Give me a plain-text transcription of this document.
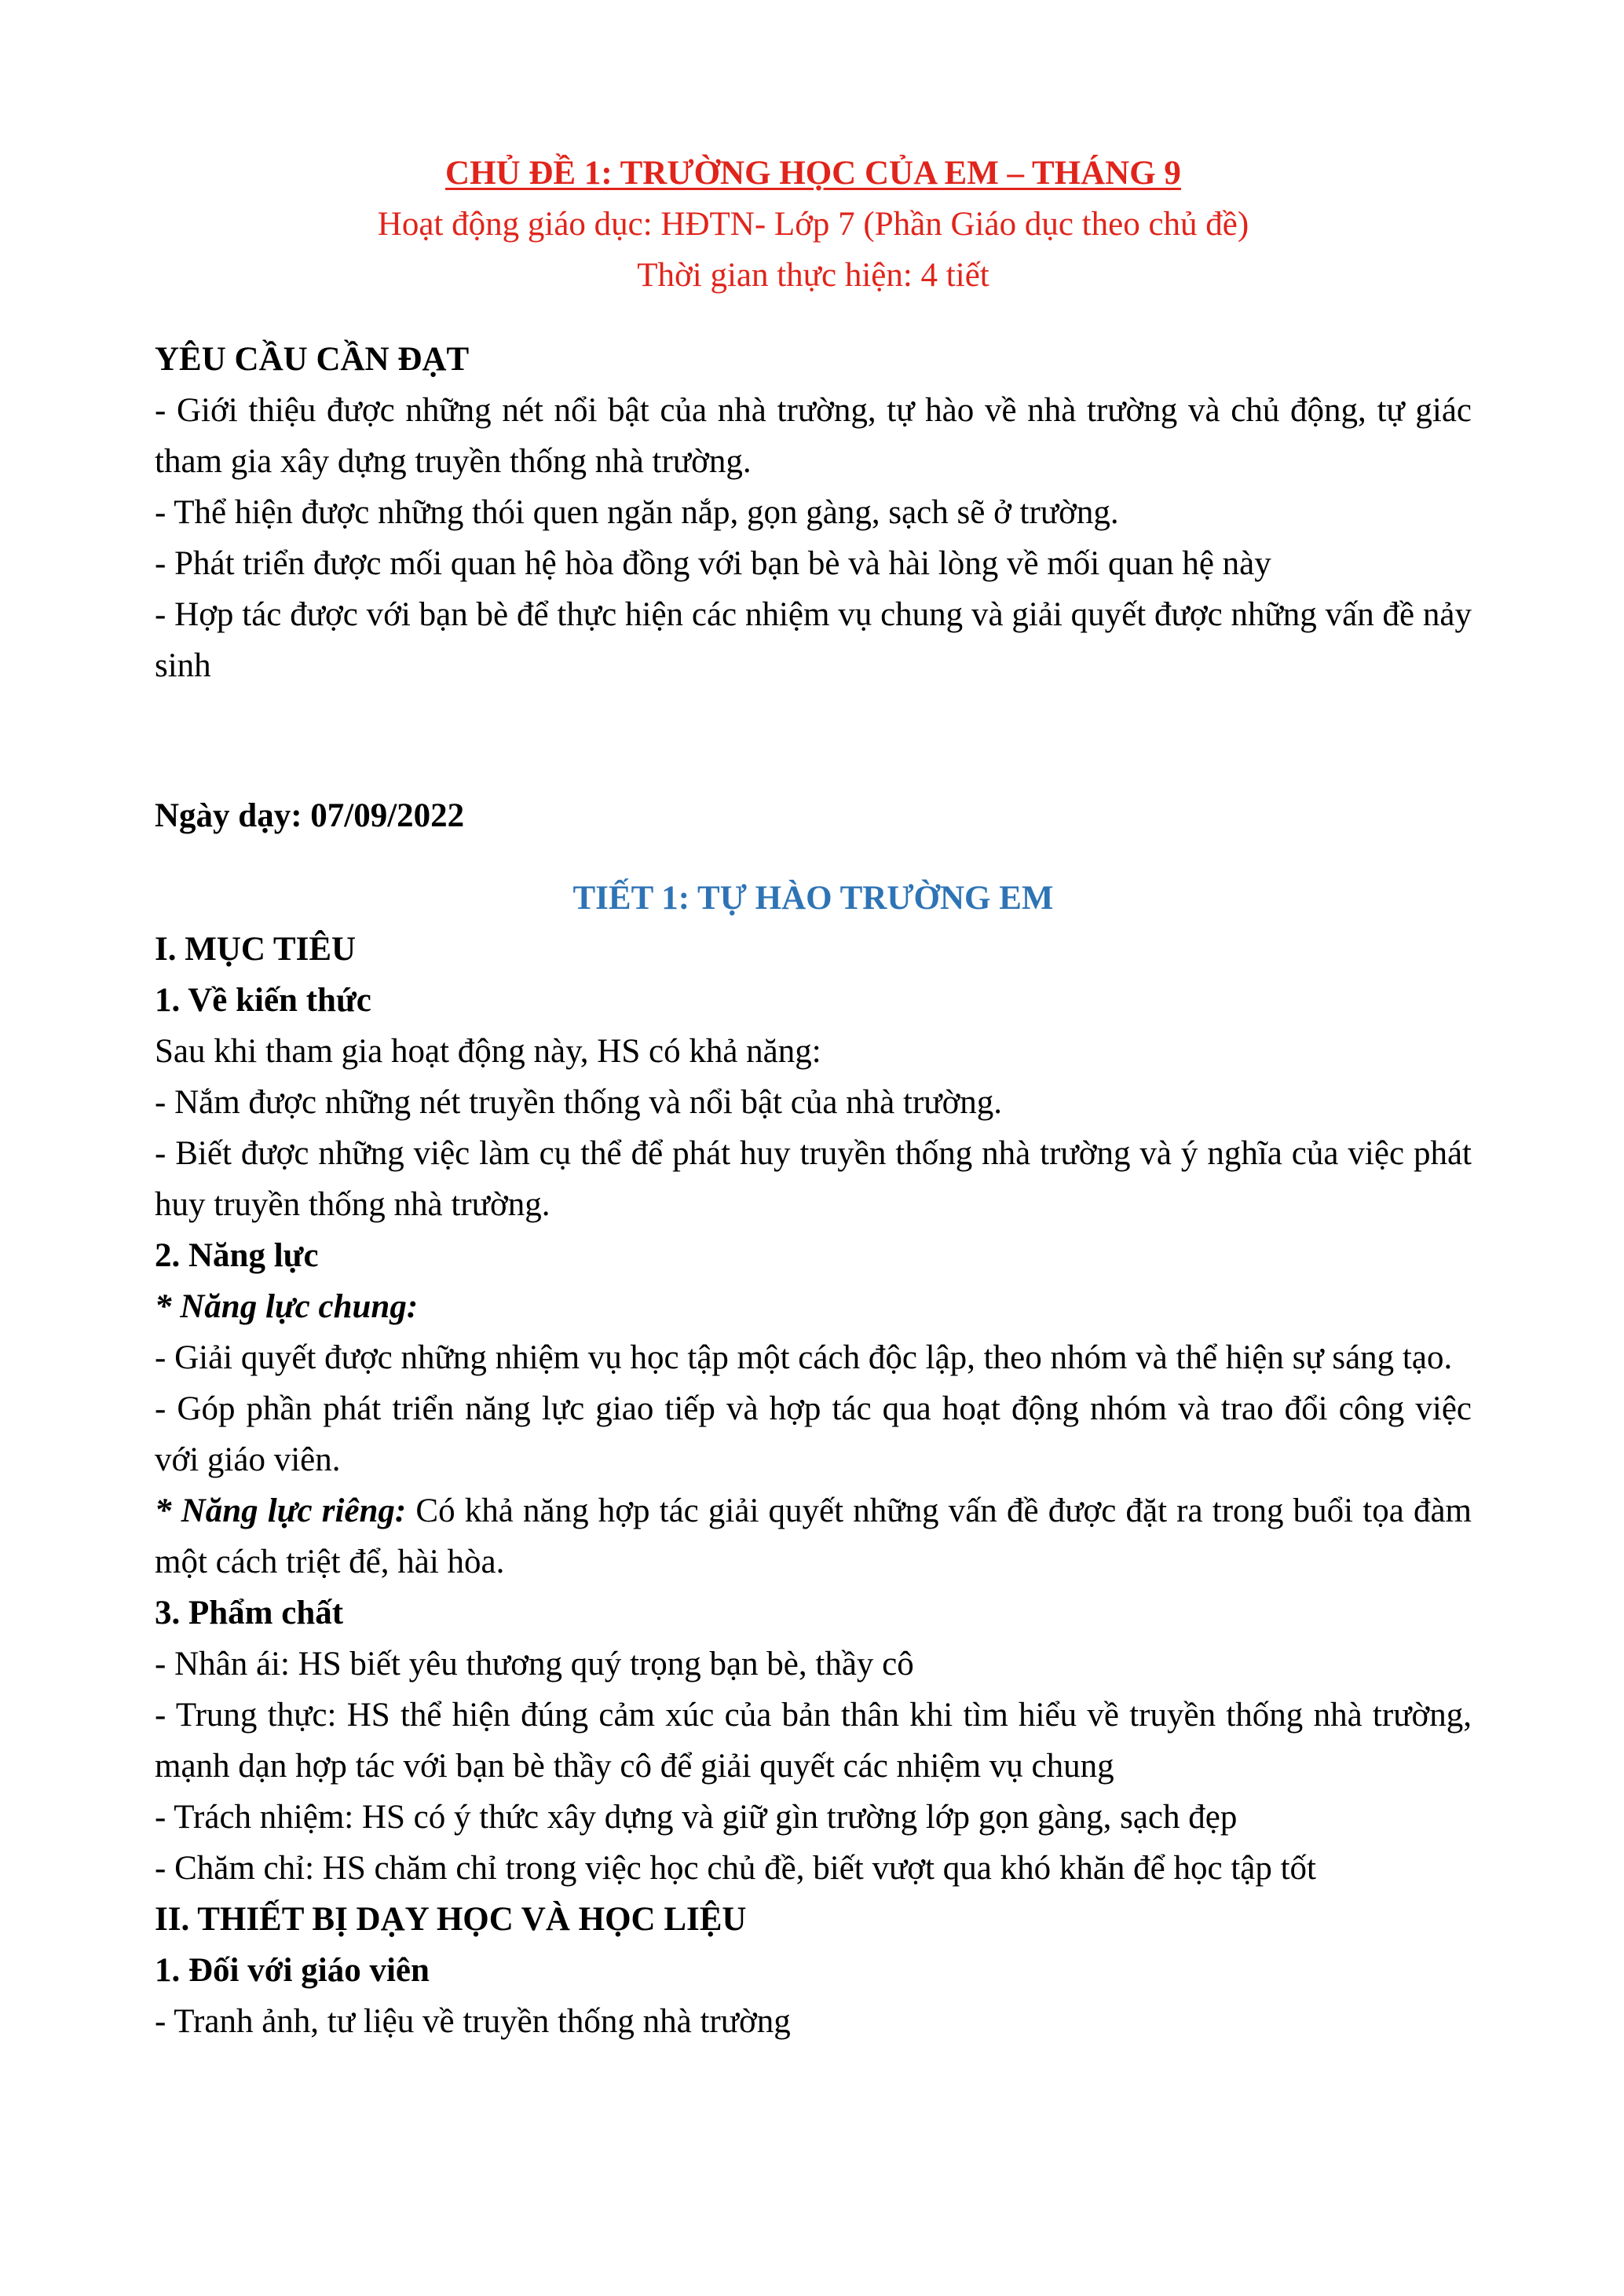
CHỦ ĐỀ 1: TRƯỜNG HỌC CỦA EM – THÁNG 9

Hoạt động giáo dục: HĐTN- Lớp 7 (Phần Giáo dục theo chủ đề)

Thời gian thực hiện: 4 tiết

YÊU CẦU CẦN ĐẠT

- Giới thiệu được những nét nổi bật của nhà trường, tự hào về nhà trường và chủ động, tự giác tham gia xây dựng truyền thống nhà trường.

- Thể hiện được những thói quen ngăn nắp, gọn gàng, sạch sẽ ở trường.

- Phát triển được mối quan hệ hòa đồng với bạn bè và hài lòng về mối quan hệ này

- Hợp tác được với bạn bè để thực hiện các nhiệm vụ chung và giải quyết được những vấn đề nảy sinh

Ngày dạy: 07/09/2022

TIẾT 1: TỰ HÀO TRƯỜNG EM

I. MỤC TIÊU

1. Về kiến thức

Sau khi tham gia hoạt động này, HS có khả năng:

- Nắm được những nét truyền thống và nổi bật của nhà trường.

- Biết được những việc làm cụ thể để phát huy truyền thống nhà trường và ý nghĩa của việc phát huy truyền thống nhà trường.

2. Năng lực

* Năng lực chung:

- Giải quyết được những nhiệm vụ học tập một cách độc lập, theo nhóm và thể hiện sự sáng tạo.

- Góp phần phát triển năng lực giao tiếp và hợp tác qua hoạt động nhóm và trao đổi công việc với giáo viên.

* Năng lực riêng: Có khả năng hợp tác giải quyết những vấn đề được đặt ra trong buổi tọa đàm một cách triệt để, hài hòa.

3. Phẩm chất

- Nhân ái: HS biết yêu thương quý trọng bạn bè, thầy cô

- Trung thực: HS thể hiện đúng cảm xúc của bản thân khi tìm hiểu về truyền thống nhà trường, mạnh dạn hợp tác với bạn bè thầy cô để giải quyết các nhiệm vụ chung

- Trách nhiệm: HS có ý thức xây dựng và giữ gìn trường lớp gọn gàng, sạch đẹp

- Chăm chỉ: HS chăm chỉ trong việc học chủ đề, biết vượt qua khó khăn để học tập tốt

II. THIẾT BỊ DẠY HỌC VÀ HỌC LIỆU

1. Đối với giáo viên

- Tranh ảnh, tư liệu về truyền thống nhà trường
